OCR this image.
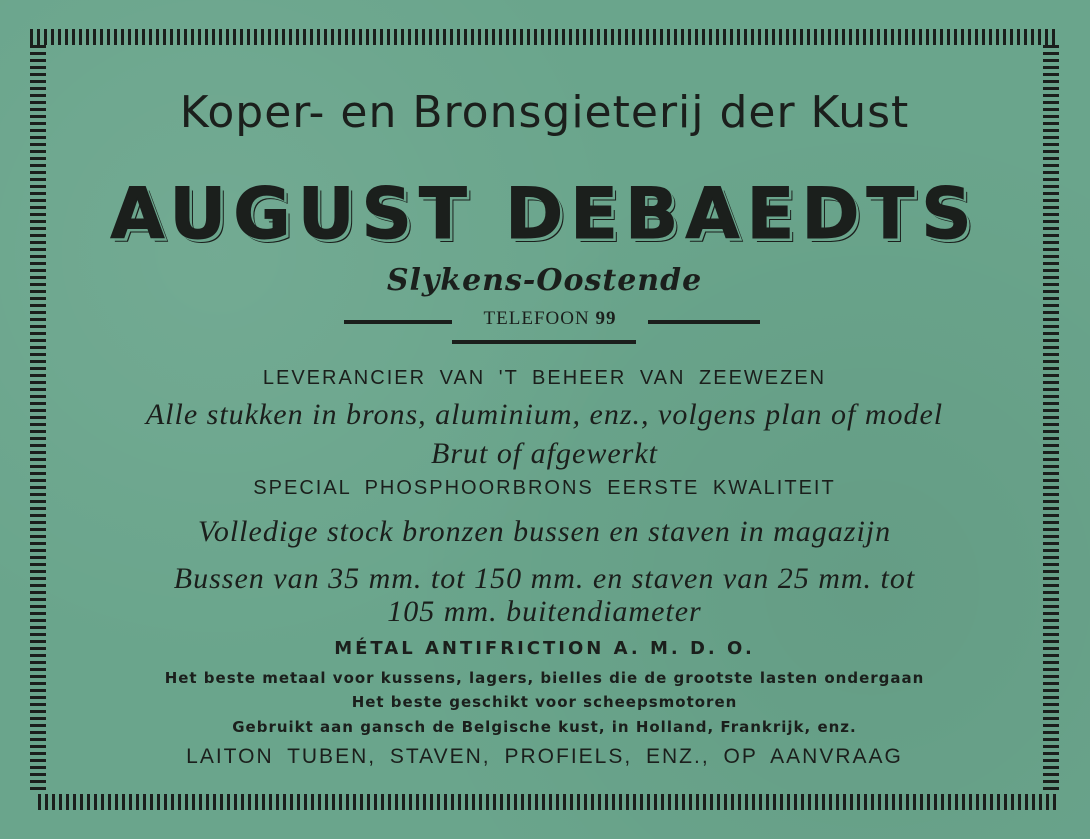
Koper- en Bronsgieterij der Kust
AUGUST DEBAEDTS
Slykens-Oostende
TELEFOON 99
LEVERANCIER VAN 'T BEHEER VAN ZEEWEZEN
Alle stukken in brons, aluminium, enz., volgens plan of model
Brut of afgewerkt
SPECIAL PHOSPHOORBRONS EERSTE KWALITEIT
Volledige stock bronzen bussen en staven in magazijn
Bussen van 35 mm. tot 150 mm. en staven van 25 mm. tot
105 mm. buitendiameter
MÉTAL ANTIFRICTION A. M. D. O.
Het beste metaal voor kussens, lagers, bielles die de grootste lasten ondergaan
Het beste geschikt voor scheepsmotoren
Gebruikt aan gansch de Belgische kust, in Holland, Frankrijk, enz.
LAITON TUBEN, STAVEN, PROFIELS, ENZ., OP AANVRAAG
